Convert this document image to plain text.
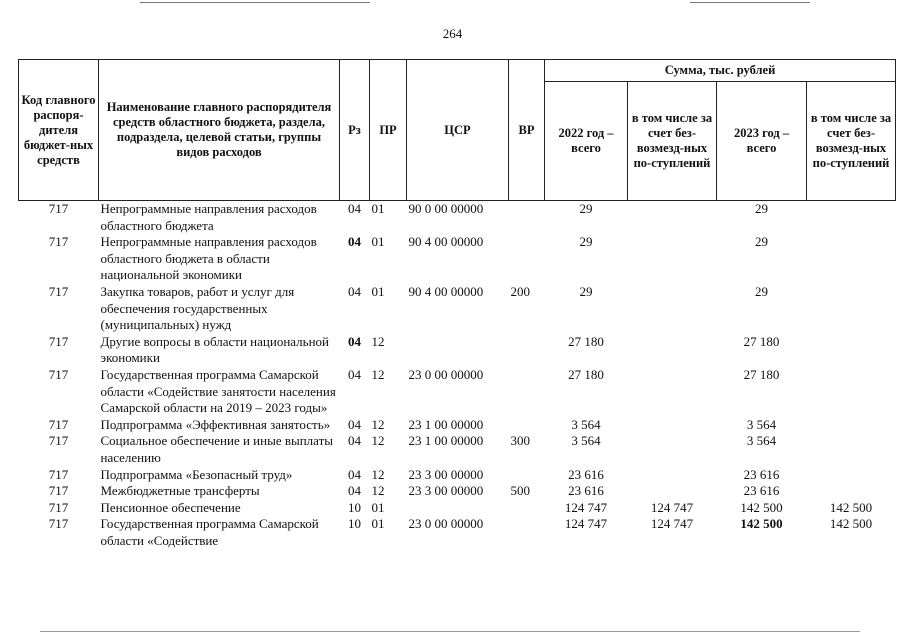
264
Код главного распоря-дителя бюджет-ных средств	Наименование главного распорядителя средств областного бюджета, раздела, подраздела, целевой статьи, группы видов расходов	Рз	ПР	ЦСР	ВР	Сумма, тыс. рублей			
						2022 год – всего	в том числе за счет без-возмезд-ных по-ступлений	2023 год – всего	в том числе за счет без-возмезд-ных по-ступлений
717	Непрограммные направления расходов областного бюджета	04	01	90 0 00 00000		29		29	
717	Непрограммные направления расходов областного бюджета в области национальной экономики	04	01	90 4 00 00000		29		29	
717	Закупка товаров, работ и услуг для обеспечения государственных (муниципальных) нужд	04	01	90 4 00 00000	200	29		29	
717	Другие вопросы в области национальной экономики	04	12			27 180		27 180	
717	Государственная программа Самарской области «Содействие занятости населения Самарской области на 2019 – 2023 годы»	04	12	23 0 00 00000		27 180		27 180	
717	Подпрограмма «Эффективная занятость»	04	12	23 1 00 00000		3 564		3 564	
717	Социальное обеспечение и иные выплаты населению	04	12	23 1 00 00000	300	3 564		3 564	
717	Подпрограмма «Безопасный труд»	04	12	23 3 00 00000		23 616		23 616	
717	Межбюджетные трансферты	04	12	23 3 00 00000	500	23 616		23 616	
717	Пенсионное обеспечение	10	01			124 747	124 747	142 500	142 500
717	Государственная программа Самарской области «Содействие	10	01	23 0 00 00000		124 747	124 747	142 500	142 500
